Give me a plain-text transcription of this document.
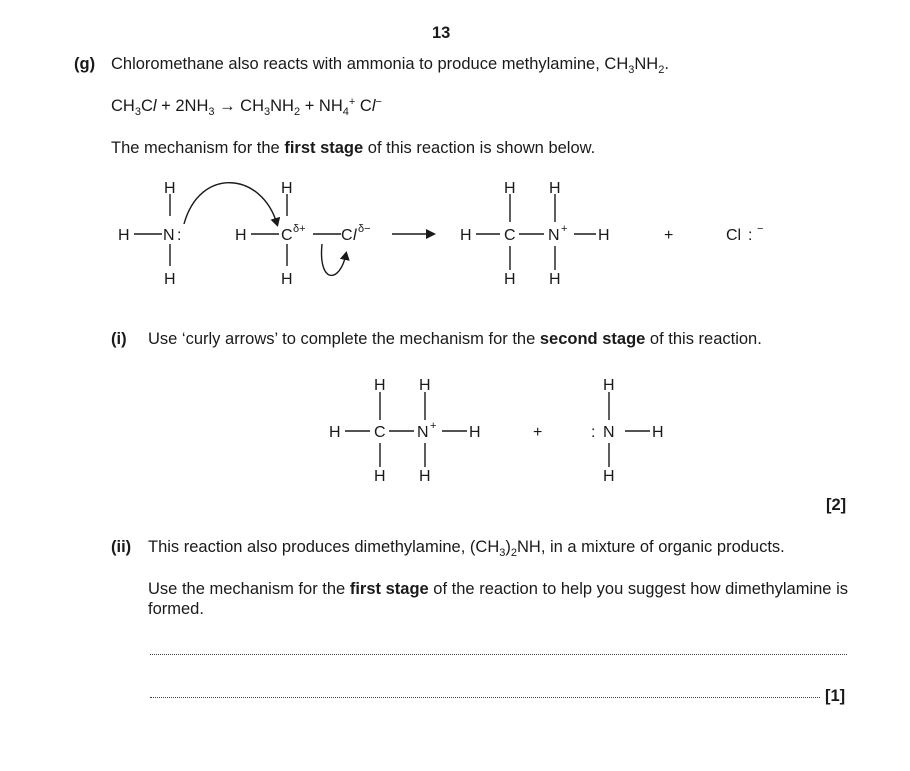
13
(g) Chloromethane also reacts with ammonia to produce methylamine, $CH_3NH_2$.
$CH_3Cl + 2NH_3 \to CH_3NH_2 + NH_4^+$ Cl−
The mechanism for the first stage of this reaction is shown below.
H
H N :
H
H
H C δ+ C l δ−
H
H H
H C N + H
H H
+	Cl : −
(i) Use ‘curly arrows’ to complete the mechanism for the second stage of this reaction.
H H
H C N + H
H H
+
H
: N H
H
[2]
(ii) This reaction also produces dimethylamine, $(CH_3)_2NH$, in a mixture of organic products.
Use the mechanism for the first stage of the reaction to help you suggest how dimethylamine is formed.
[1]
